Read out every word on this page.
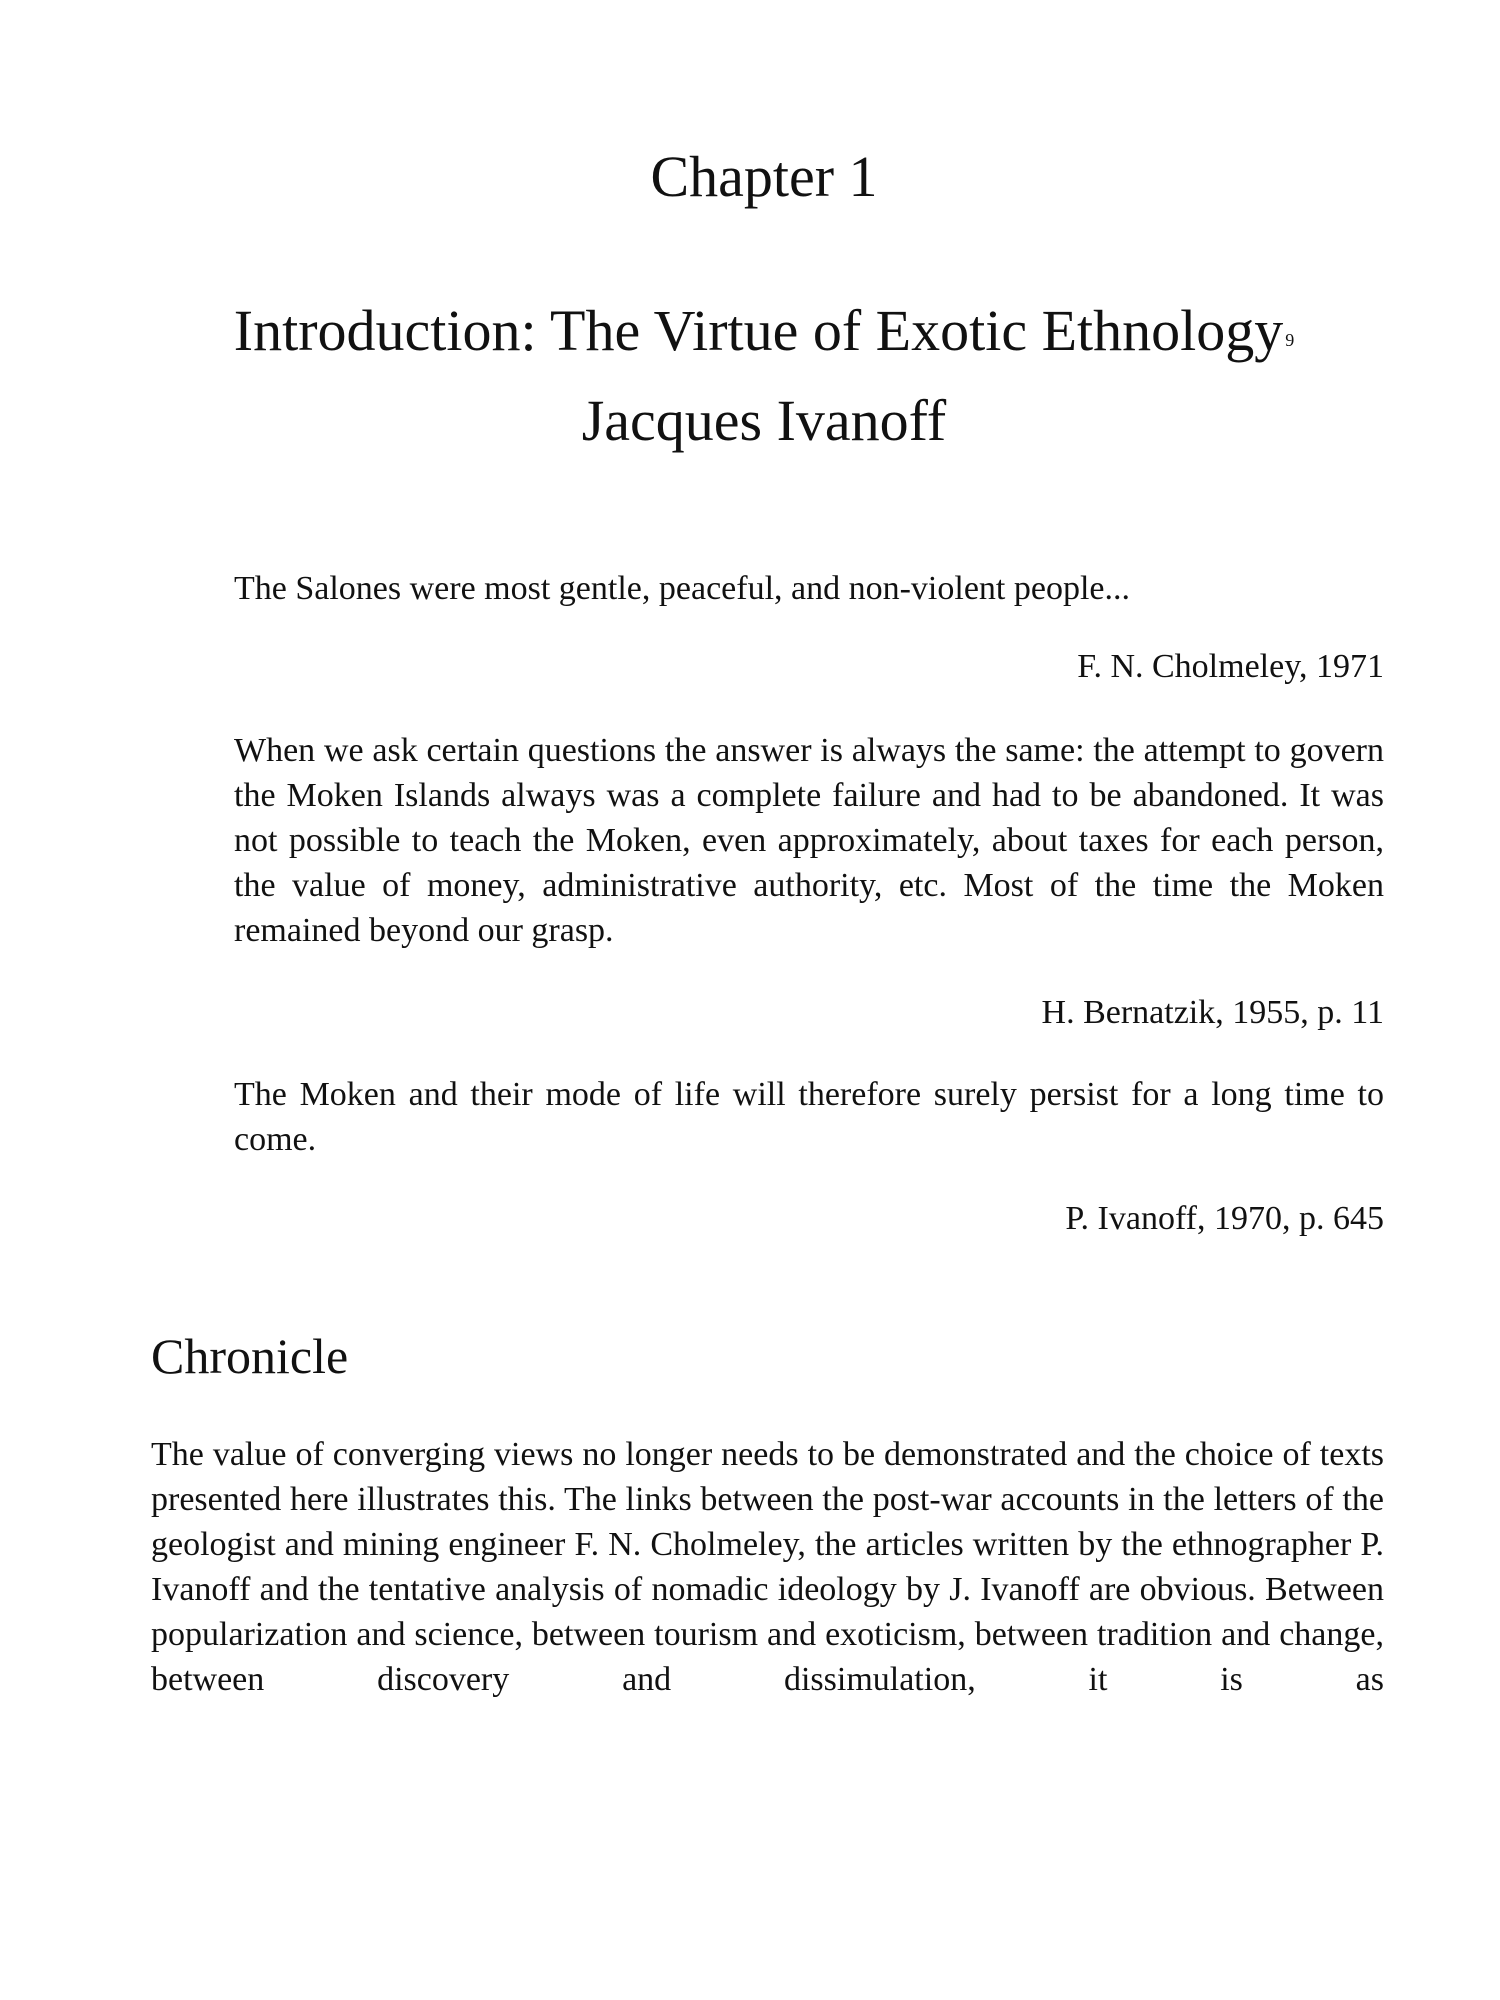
Chapter 1
Introduction: The Virtue of Exotic Ethnology $^9$
Jacques Ivanoff
The Salones were most gentle, peaceful, and non-violent people...
F. N. Cholmeley, 1971
When we ask certain questions the answer is always the same: the attempt to govern the Moken Islands always was a complete failure and had to be abandoned. It was not possible to teach the Moken, even approximately, about taxes for each person, the value of money, administrative authority, etc. Most of the time the Moken remained beyond our grasp.
H. Bernatzik, 1955, p. 11
The Moken and their mode of life will therefore surely persist for a long time to come.
P. Ivanoff, 1970, p. 645
Chronicle
The value of converging views no longer needs to be demonstrated and the choice of texts presented here illustrates this. The links between the post-war accounts in the letters of the geologist and mining engineer F. N. Cholmeley, the articles written by the ethnographer P. Ivanoff and the tentative analysis of nomadic ideology by J. Ivanoff are obvious. Between popularization and science, between tourism and exoticism, between tradition and change, between discovery and dissimulation, it is as
